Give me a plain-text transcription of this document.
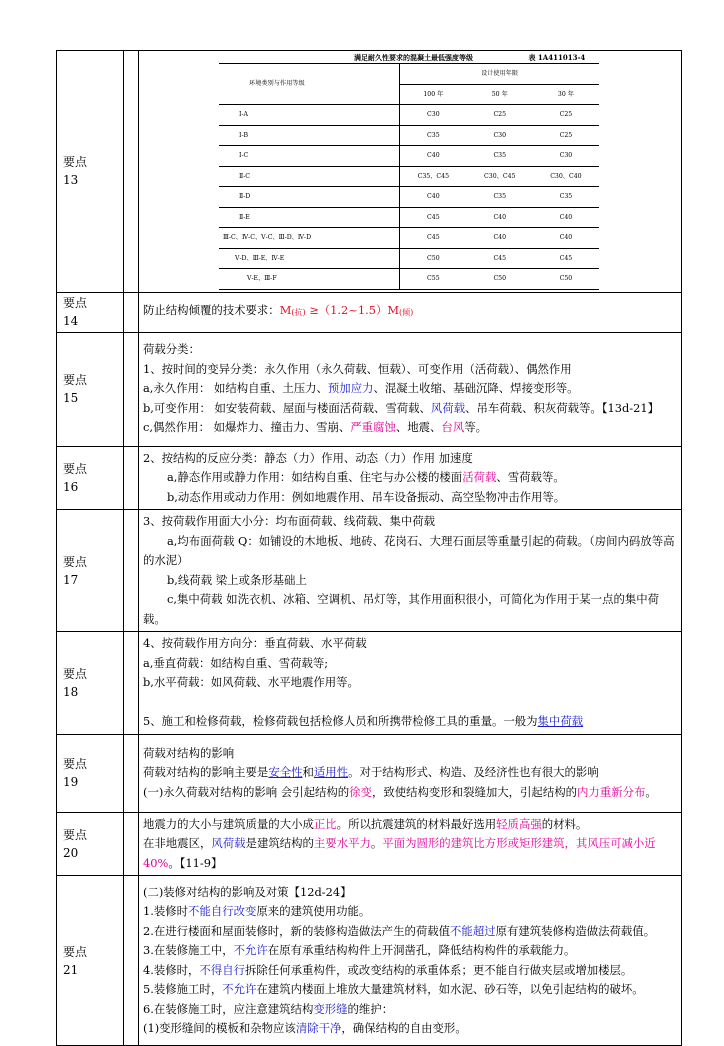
要点
13

满足耐久性要求的混凝土最低强度等级	表 1A411013-4
环境类别与作用等级	设计使用年限
100 年	50 年	30 年
Ⅰ-A	C30	C25	C25
Ⅰ-B	C35	C30	C25
Ⅰ-C	C40	C35	C30
Ⅱ-C	C35、C45	C30、C45	C30、C40
Ⅱ-D	C40	C35	C35
Ⅱ-E	C45	C40	C40
Ⅲ-C、Ⅳ-C、Ⅴ-C、Ⅲ-D、Ⅳ-D	C45	C40	C40
Ⅴ-D、Ⅲ-E、Ⅳ-E	C50	C45	C45
Ⅴ-E、Ⅲ-F	C55	C50	C50

要点
14

防止结构倾覆的技术要求：M(抗) ≥（1.2~1.5）M(倾)

要点
15

荷载分类：
1、按时间的变异分类：永久作用（永久荷载、恒载）、可变作用（活荷载）、偶然作用
a,永久作用： 如结构自重、土压力、预加应力、混凝土收缩、基础沉降、焊接变形等。
b,可变作用： 如安装荷载、屋面与楼面活荷载、雪荷载、风荷载、吊车荷载、积灰荷载等。【13d-21】
c,偶然作用： 如爆炸力、撞击力、雪崩、严重腐蚀、地震、台风等。

要点
16

2、按结构的反应分类：静态（力）作用、动态（力）作用 加速度
a,静态作用或静力作用：如结构自重、住宅与办公楼的楼面活荷载、雪荷载等。
b,动态作用或动力作用：例如地震作用、吊车设备振动、高空坠物冲击作用等。

要点
17

3、按荷载作用面大小分：均布面荷载、线荷载、集中荷载
a,均布面荷载 Q：如铺设的木地板、地砖、花岗石、大理石面层等重量引起的荷载。（房间内码放等高的水泥）
b,线荷载 梁上或条形基础上
c,集中荷载 如洗衣机、冰箱、空调机、吊灯等，其作用面积很小，可简化为作用于某一点的集中荷载。

要点
18

4、按荷载作用方向分：垂直荷载、水平荷载
a,垂直荷载：如结构自重、雪荷载等;
b,水平荷载：如风荷载、水平地震作用等。

5、施工和检修荷载，检修荷载包括检修人员和所携带检修工具的重量。一般为集中荷载

要点
19

荷载对结构的影响
荷载对结构的影响主要是安全性和适用性。对于结构形式、构造、及经济性也有很大的影响
(一)永久荷载对结构的影响 会引起结构的徐变，致使结构变形和裂缝加大，引起结构的内力重新分布。

要点
20

地震力的大小与建筑质量的大小成正比。所以抗震建筑的材料最好选用轻质高强的材料。
在非地震区，风荷载是建筑结构的主要水平力。平面为圆形的建筑比方形或矩形建筑，其风压可减小近 40%。【11-9】

要点
21

(二)装修对结构的影响及对策【12d-24】
1.装修时不能自行改变原来的建筑使用功能。
2.在进行楼面和屋面装修时，新的装修构造做法产生的荷载值不能超过原有建筑装修构造做法荷载值。
3.在装修施工中，不允许在原有承重结构构件上开洞凿孔，降低结构构件的承载能力。
4.装修时，不得自行拆除任何承重构件，或改变结构的承重体系；更不能自行做夹层或增加楼层。
5.装修施工时，不允许在建筑内楼面上堆放大量建筑材料，如水泥、砂石等，以免引起结构的破坏。
6.在装修施工时，应注意建筑结构变形缝的维护：
(1)变形缝间的模板和杂物应该清除干净，确保结构的自由变形。
